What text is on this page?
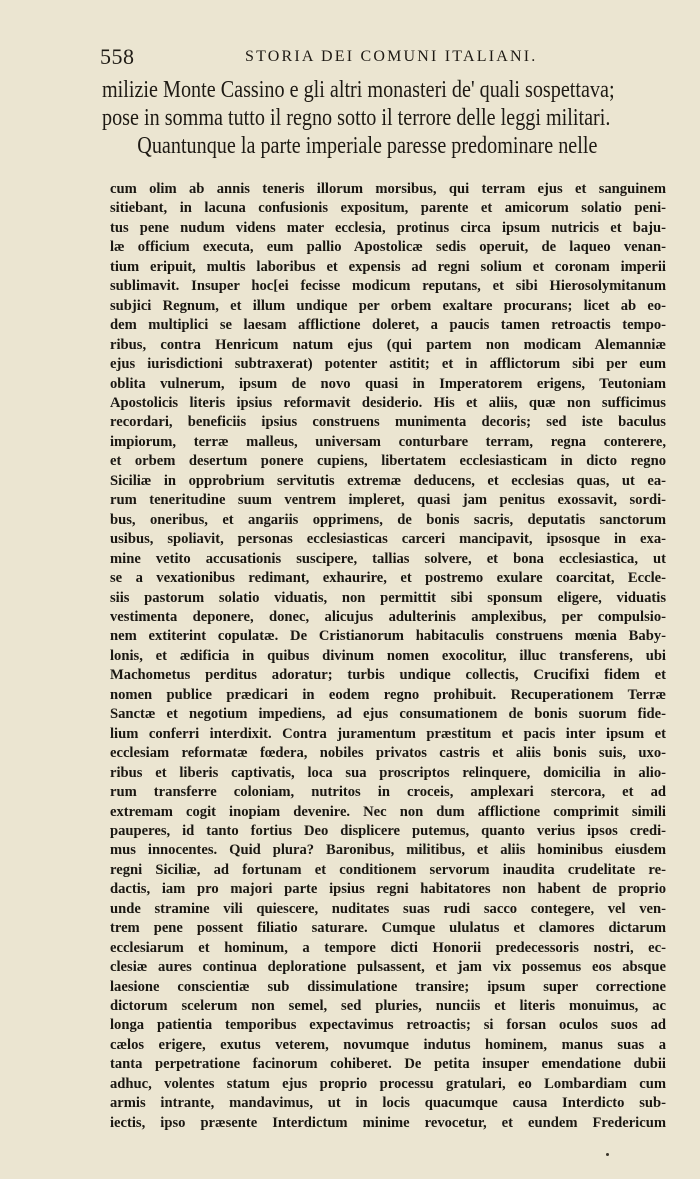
558	STORIA DEI COMUNI ITALIANI.

milizie Monte Cassino e gli altri monasteri de' quali sospettava;

pose in somma tutto il regno sotto il terrore delle leggi militari.

Quantunque la parte imperiale paresse predominare nelle

cum olim ab annis teneris illorum morsibus, qui terram ejus et sanguinem

sitiebant, in lacuna confusionis expositum, parente et amicorum solatio peni-

tus pene nudum videns mater ecclesia, protinus circa ipsum nutricis et baju-

læ officium executa, eum pallio Apostolicæ sedis operuit, de laqueo venan-

tium eripuit, multis laboribus et expensis ad regni solium et coronam imperii

sublimavit. Insuper hoc[ei fecisse modicum reputans, et sibi Hierosolymitanum

subjici Regnum, et illum undique per orbem exaltare procurans; licet ab eo-

dem multiplici se laesam afflictione doleret, a paucis tamen retroactis tempo-

ribus, contra Henricum natum ejus (qui partem non modicam Alemanniæ

ejus iurisdictioni subtraxerat) potenter astitit; et in afflictorum sibi per eum

oblita vulnerum, ipsum de novo quasi in Imperatorem erigens, Teutoniam

Apostolicis literis ipsius reformavit desiderio. His et aliis, quæ non sufficimus

recordari, beneficiis ipsius construens munimenta decoris; sed iste baculus

impiorum, terræ malleus, universam conturbare terram, regna conterere,

et orbem desertum ponere cupiens, libertatem ecclesiasticam in dicto regno

Siciliæ in opprobrium servitutis extremæ deducens, et ecclesias quas, ut ea-

rum teneritudine suum ventrem impleret, quasi jam penitus exossavit, sordi-

bus, oneribus, et angariis opprimens, de bonis sacris, deputatis sanctorum

usibus, spoliavit, personas ecclesiasticas carceri mancipavit, ipsosque in exa-

mine vetito accusationis suscipere, tallias solvere, et bona ecclesiastica, ut

se a vexationibus redimant, exhaurire, et postremo exulare coarcitat, Eccle-

siis pastorum solatio viduatis, non permittit sibi sponsum eligere, viduatis

vestimenta deponere, donec, alicujus adulterinis amplexibus, per compulsio-

nem extiterint copulatæ. De Cristianorum habitaculis construens mœnia Baby-

lonis, et ædificia in quibus divinum nomen exocolitur, illuc transferens, ubi

Machometus perditus adoratur; turbis undique collectis, Crucifixi fidem et

nomen publice prædicari in eodem regno prohibuit. Recuperationem Terræ

Sanctæ et negotium impediens, ad ejus consumationem de bonis suorum fide-

lium conferri interdixit. Contra juramentum præstitum et pacis inter ipsum et

ecclesiam reformatæ fœdera, nobiles privatos castris et aliis bonis suis, uxo-

ribus et liberis captivatis, loca sua proscriptos relinquere, domicilia in alio-

rum transferre coloniam, nutritos in croceis, amplexari stercora, et ad

extremam cogit inopiam devenire. Nec non dum afflictione comprimit simili

pauperes, id tanto fortius Deo displicere putemus, quanto verius ipsos credi-

mus innocentes. Quid plura? Baronibus, militibus, et aliis hominibus eiusdem

regni Siciliæ, ad fortunam et conditionem servorum inaudita crudelitate re-

dactis, iam pro majori parte ipsius regni habitatores non habent de proprio

unde stramine vili quiescere, nuditates suas rudi sacco contegere, vel ven-

trem pene possent filiatio saturare. Cumque ululatus et clamores dictarum

ecclesiarum et hominum, a tempore dicti Honorii predecessoris nostri, ec-

clesiæ aures continua deploratione pulsassent, et jam vix possemus eos absque

laesione conscientiæ sub dissimulatione transire; ipsum super correctione

dictorum scelerum non semel, sed pluries, nunciis et literis monuimus, ac

longa patientia temporibus expectavimus retroactis; si forsan oculos suos ad

cælos erigere, exutus veterem, novumque indutus hominem, manus suas a

tanta perpetratione facinorum cohiberet. De petita insuper emendatione dubii

adhuc, volentes statum ejus proprio processu gratulari, eo Lombardiam cum

armis intrante, mandavimus, ut in locis quacumque causa Interdicto sub-

iectis, ipso præsente Interdictum minime revocetur, et eundem Fredericum
